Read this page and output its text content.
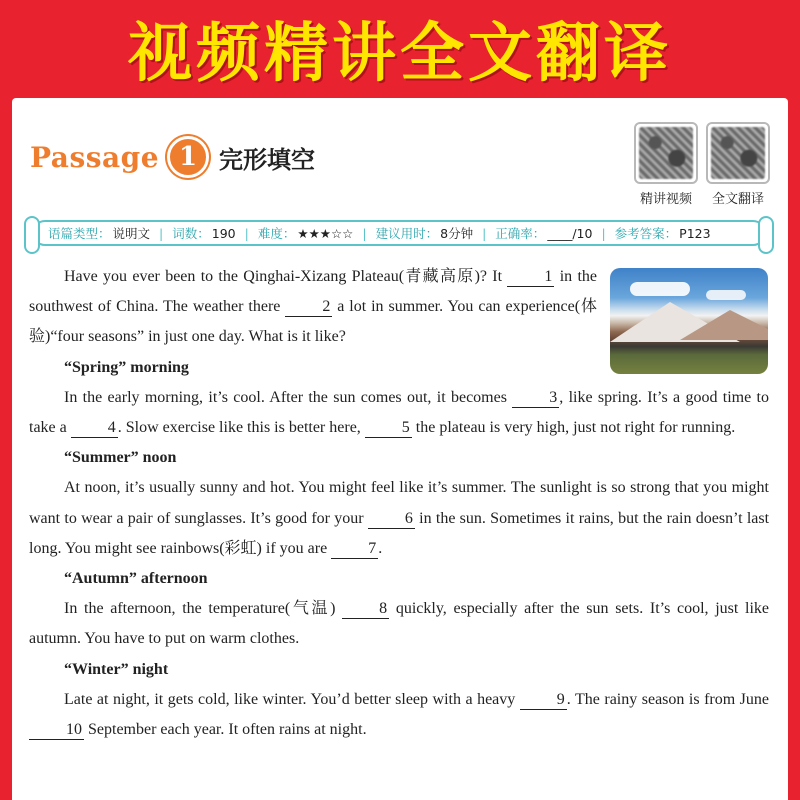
视频精讲全文翻译
Passage 1 完形填空
精讲视频	全文翻译
语篇类型： 说明文 | 词数： 190 | 难度： ★★★☆☆ | 建议用时： 8分钟 | 正确率： ____/10 | 参考答案： P123

Have you ever been to the Qinghai-Xizang Plateau(青藏高原)? It	1 in the southwest of China. The weather there	2 a lot in summer. You can experience(体验)“four seasons” in just one day. What is it like?

“Spring” morning

In the early morning, it’s cool. After the sun comes out, it becomes	3 , like spring. It’s a good time to take a	4 . Slow exercise like this is better here,	5 the plateau is very high, just not right for running.

“Summer” noon

At noon, it’s usually sunny and hot. You might feel like it’s summer. The sunlight is so strong that you might want to wear a pair of sunglasses. It’s good for your	6 in the sun. Sometimes it rains, but the rain doesn’t last long. You might see rainbows(彩虹) if you are	7 .

“Autumn” afternoon

In the afternoon, the temperature(气温)	8 quickly, especially after the sun sets. It’s cool, just like autumn. You have to put on warm clothes.

“Winter” night

Late at night, it gets cold, like winter. You’d better sleep with a heavy	9 . The rainy season is from June 10 September each year. It often rains at night.
